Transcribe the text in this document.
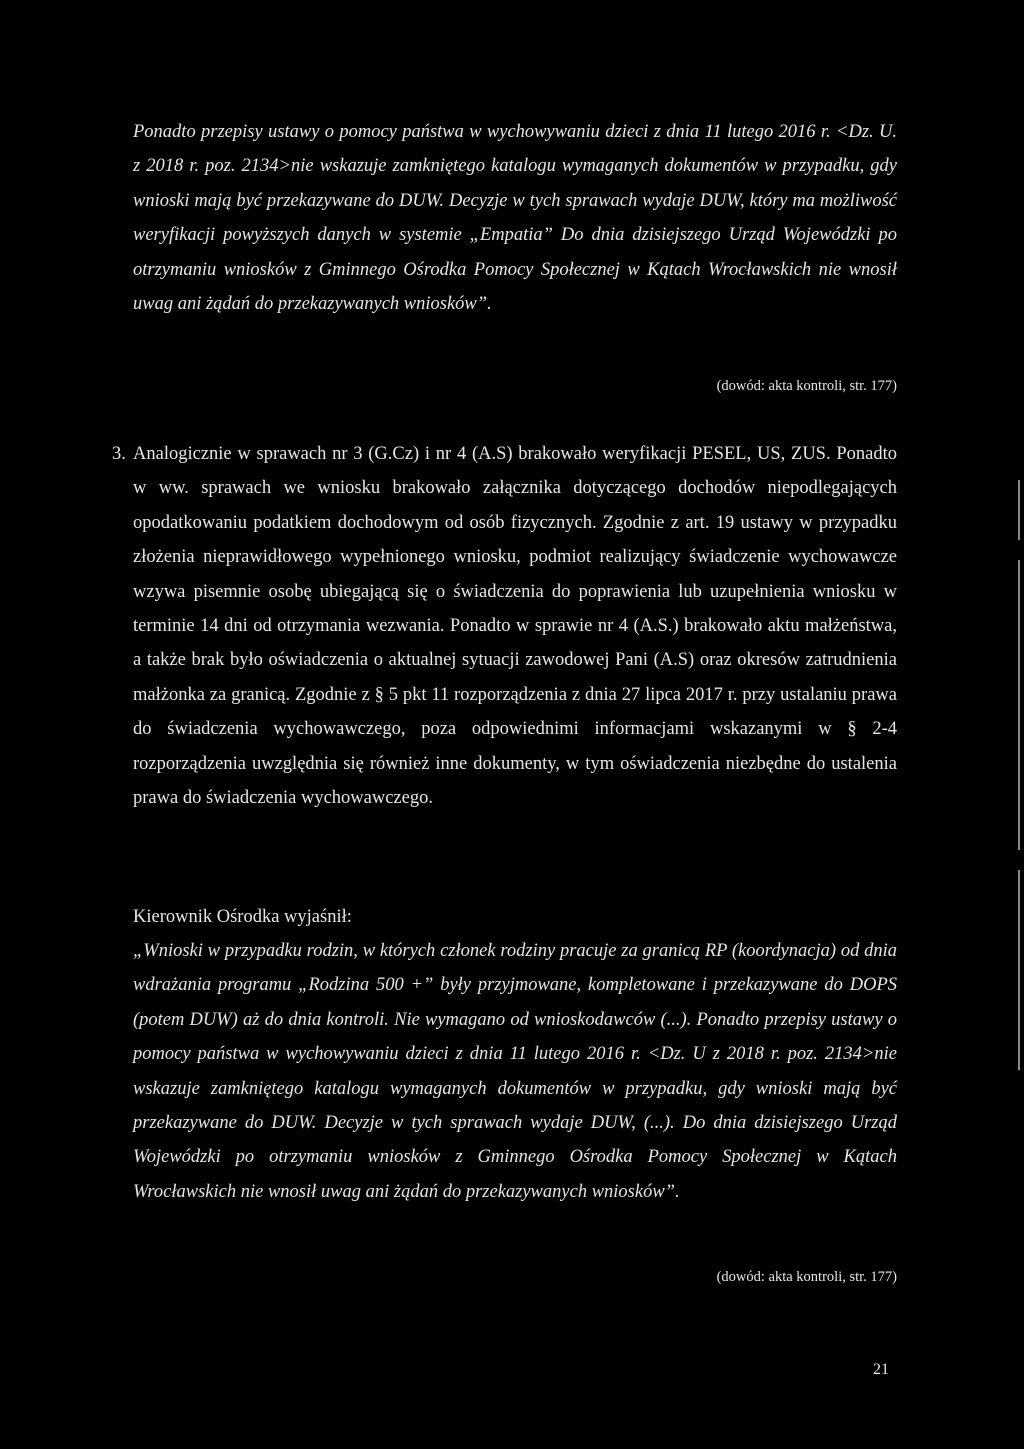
Ponadto przepisy ustawy o pomocy państwa w wychowywaniu dzieci z dnia 11 lutego 2016 r. <Dz. U. z 2018 r. poz. 2134>nie wskazuje zamkniętego katalogu wymaganych dokumentów w przypadku, gdy wnioski mają być przekazywane do DUW. Decyzje w tych sprawach wydaje DUW, który ma możliwość weryfikacji powyższych danych w systemie „Empatia” Do dnia dzisiejszego Urząd Wojewódzki po otrzymaniu wniosków z Gminnego Ośrodka Pomocy Społecznej w Kątach Wrocławskich nie wnosił uwag ani żądań do przekazywanych wniosków”.

(dowód: akta kontroli, str. 177)
3. Analogicznie w sprawach nr 3 (G.Cz) i nr 4 (A.S) brakowało weryfikacji PESEL, US, ZUS. Ponadto w ww. sprawach we wniosku brakowało załącznika dotyczącego dochodów niepodlegających opodatkowaniu podatkiem dochodowym od osób fizycznych. Zgodnie z art. 19 ustawy w przypadku złożenia nieprawidłowego wypełnionego wniosku, podmiot realizujący świadczenie wychowawcze wzywa pisemnie osobę ubiegającą się o świadczenia do poprawienia lub uzupełnienia wniosku w terminie 14 dni od otrzymania wezwania. Ponadto w sprawie nr 4 (A.S.) brakowało aktu małżeństwa, a także brak było oświadczenia o aktualnej sytuacji zawodowej Pani (A.S) oraz okresów zatrudnienia małżonka za granicą. Zgodnie z § 5 pkt 11 rozporządzenia z dnia 27 lipca 2017 r. przy ustalaniu prawa do świadczenia wychowawczego, poza odpowiednimi informacjami wskazanymi w § 2-4 rozporządzenia uwzględnia się również inne dokumenty, w tym oświadczenia niezbędne do ustalenia prawa do świadczenia wychowawczego.

Kierownik Ośrodka wyjaśnił:

„Wnioski w przypadku rodzin, w których członek rodziny pracuje za granicą RP (koordynacja) od dnia wdrażania programu „Rodzina 500 +” były przyjmowane, kompletowane i przekazywane do DOPS (potem DUW) aż do dnia kontroli. Nie wymagano od wnioskodawców (...). Ponadto przepisy ustawy o pomocy państwa w wychowywaniu dzieci z dnia 11 lutego 2016 r. <Dz. U z 2018 r. poz. 2134>nie wskazuje zamkniętego katalogu wymaganych dokumentów w przypadku, gdy wnioski mają być przekazywane do DUW. Decyzje w tych sprawach wydaje DUW, (...). Do dnia dzisiejszego Urząd Wojewódzki po otrzymaniu wniosków z Gminnego Ośrodka Pomocy Społecznej w Kątach Wrocławskich nie wnosił uwag ani żądań do przekazywanych wniosków”.

(dowód: akta kontroli, str. 177)
21
